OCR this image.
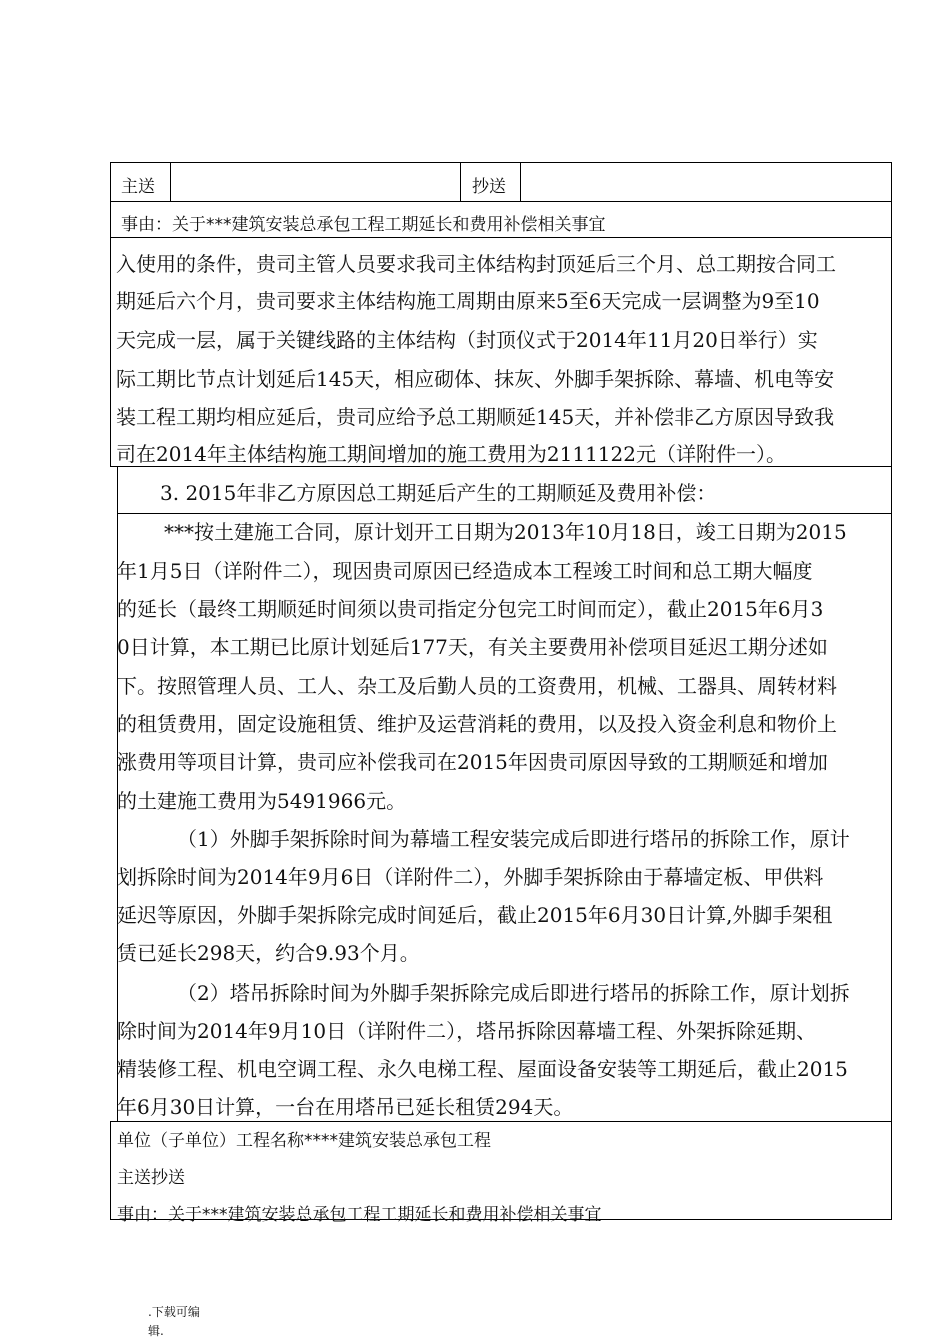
主送	抄送
事由：关于***建筑安装总承包工程工期延长和费用补偿相关事宜
入使用的条件，贵司主管人员要求我司主体结构封顶延后三个月、总工期按合同工
期延后六个月，贵司要求主体结构施工周期由原来5至6天完成一层调整为9至10
天完成一层，属于关键线路的主体结构（封顶仪式于2014年11月20日举行）实
际工期比节点计划延后145天，相应砌体、抹灰、外脚手架拆除、幕墙、机电等安
装工程工期均相应延后，贵司应给予总工期顺延145天，并补偿非乙方原因导致我
司在2014年主体结构施工期间增加的施工费用为2111122元（详附件一）。
3. 2015年非乙方原因总工期延后产生的工期顺延及费用补偿：
***按土建施工合同，原计划开工日期为2013年10月18日，竣工日期为2015
年1月5日（详附件二），现因贵司原因已经造成本工程竣工时间和总工期大幅度
的延长（最终工期顺延时间须以贵司指定分包完工时间而定），截止2015年6月3
0日计算，本工期已比原计划延后177天，有关主要费用补偿项目延迟工期分述如
下。按照管理人员、工人、杂工及后勤人员的工资费用，机械、工器具、周转材料
的租赁费用，固定设施租赁、维护及运营消耗的费用，以及投入资金利息和物价上
涨费用等项目计算，贵司应补偿我司在2015年因贵司原因导致的工期顺延和增加
的土建施工费用为5491966元。
（1）外脚手架拆除时间为幕墙工程安装完成后即进行塔吊的拆除工作，原计
划拆除时间为2014年9月6日（详附件二），外脚手架拆除由于幕墙定板、甲供料
延迟等原因，外脚手架拆除完成时间延后，截止2015年6月30日计算,外脚手架租
赁已延长298天，约合9.93个月。
（2）塔吊拆除时间为外脚手架拆除完成后即进行塔吊的拆除工作，原计划拆
除时间为2014年9月10日（详附件二），塔吊拆除因幕墙工程、外架拆除延期、
精装修工程、机电空调工程、永久电梯工程、屋面设备安装等工期延后，截止2015
年6月30日计算，一台在用塔吊已延长租赁294天。
单位（子单位）工程名称****建筑安装总承包工程
主送抄送
事由：关于***建筑安装总承包工程工期延长和费用补偿相关事宜
.下载可编
辑.
